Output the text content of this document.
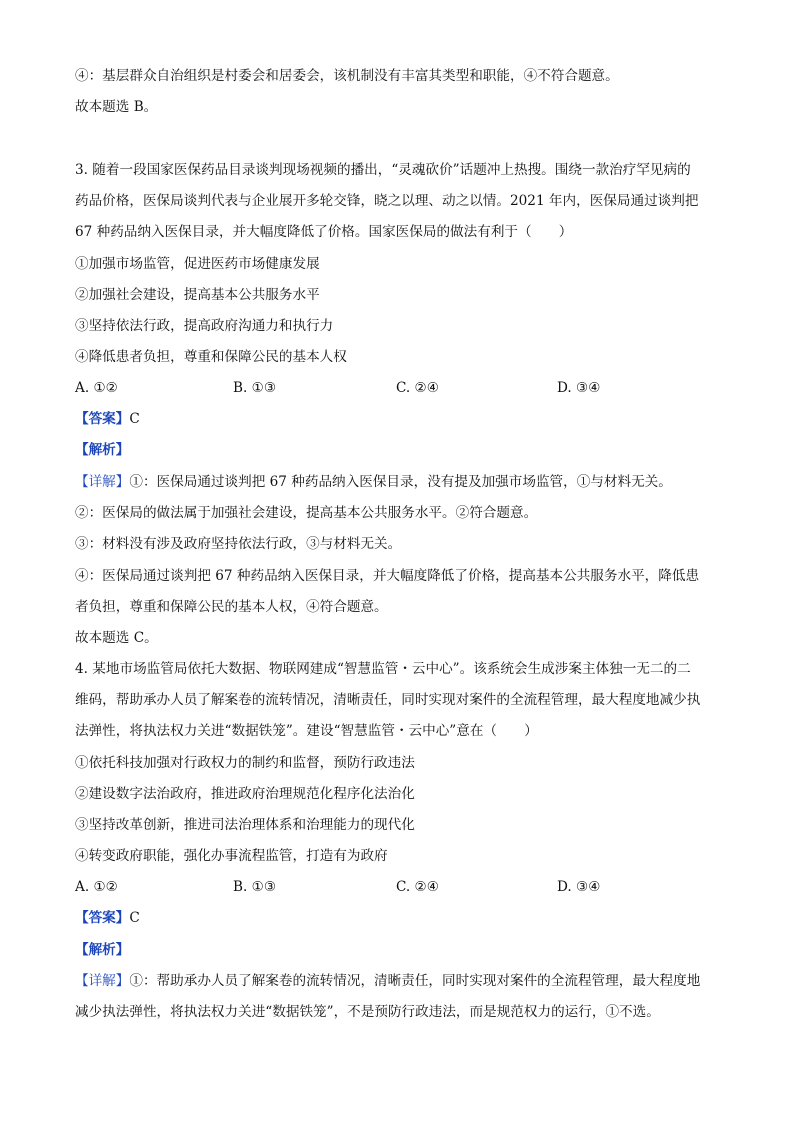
④：基层群众自治组织是村委会和居委会，该机制没有丰富其类型和职能，④不符合题意。
故本题选 B。
3. 随着一段国家医保药品目录谈判现场视频的播出，“灵魂砍价”话题冲上热搜。围绕一款治疗罕见病的
药品价格，医保局谈判代表与企业展开多轮交锋，晓之以理、动之以情。2021 年内，医保局通过谈判把
67 种药品纳入医保目录，并大幅度降低了价格。国家医保局的做法有利于（　　）
①加强市场监管，促进医药市场健康发展
②加强社会建设，提高基本公共服务水平
③坚持依法行政，提高政府沟通力和执行力
④降低患者负担，尊重和保障公民的基本人权
A. ①②	B. ①③	C. ②④	D. ③④
【答案】C
【解析】
【详解】①：医保局通过谈判把 67 种药品纳入医保目录，没有提及加强市场监管，①与材料无关。
②：医保局的做法属于加强社会建设，提高基本公共服务水平。②符合题意。
③：材料没有涉及政府坚持依法行政，③与材料无关。
④：医保局通过谈判把 67 种药品纳入医保目录，并大幅度降低了价格，提高基本公共服务水平，降低患
者负担，尊重和保障公民的基本人权，④符合题意。
故本题选 C。
4. 某地市场监管局依托大数据、物联网建成“智慧监管・云中心”。该系统会生成涉案主体独一无二的二
维码，帮助承办人员了解案卷的流转情况，清晰责任，同时实现对案件的全流程管理，最大程度地减少执
法弹性，将执法权力关进“数据铁笼”。建设“智慧监管・云中心”意在（　　）
①依托科技加强对行政权力的制约和监督，预防行政违法
②建设数字法治政府，推进政府治理规范化程序化法治化
③坚持改革创新，推进司法治理体系和治理能力的现代化
④转变政府职能，强化办事流程监管，打造有为政府
A. ①②	B. ①③	C. ②④	D. ③④
【答案】C
【解析】
【详解】①：帮助承办人员了解案卷的流转情况，清晰责任，同时实现对案件的全流程管理，最大程度地
减少执法弹性，将执法权力关进“数据铁笼”，不是预防行政违法，而是规范权力的运行，①不选。
